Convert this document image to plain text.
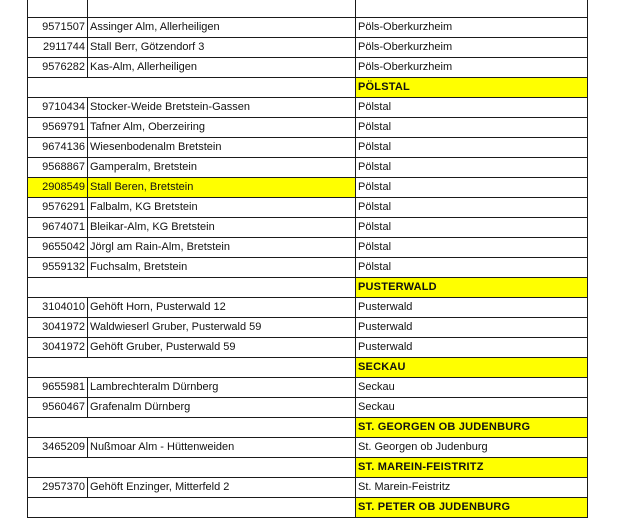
9571507	Assinger Alm, Allerheiligen	Pöls-Oberkurzheim
2911744	Stall Berr, Götzendorf 3	Pöls-Oberkurzheim
9576282	Kas-Alm, Allerheiligen	Pöls-Oberkurzheim
		PÖLSTAL
9710434	Stocker-Weide Bretstein-Gassen	Pölstal
9569791	Tafner Alm, Oberzeiring	Pölstal
9674136	Wiesenbodenalm Bretstein	Pölstal
9568867	Gamperalm, Bretstein	Pölstal
2908549	Stall Beren, Bretstein	Pölstal
9576291	Falbalm, KG Bretstein	Pölstal
9674071	Bleikar-Alm, KG Bretstein	Pölstal
9655042	Jörgl am Rain-Alm, Bretstein	Pölstal
9559132	Fuchsalm, Bretstein	Pölstal
		PUSTERWALD
3104010	Gehöft Horn, Pusterwald 12	Pusterwald
3041972	Waldwieserl Gruber, Pusterwald 59	Pusterwald
3041972	Gehöft Gruber, Pusterwald 59	Pusterwald
		SECKAU
9655981	Lambrechteralm Dürnberg	Seckau
9560467	Grafenalm Dürnberg	Seckau
		ST. GEORGEN OB JUDENBURG
3465209	Nußmoar Alm - Hüttenweiden	St. Georgen ob Judenburg
		ST. MAREIN-FEISTRITZ
2957370	Gehöft Enzinger, Mitterfeld 2	St. Marein-Feistritz
		ST. PETER OB JUDENBURG
